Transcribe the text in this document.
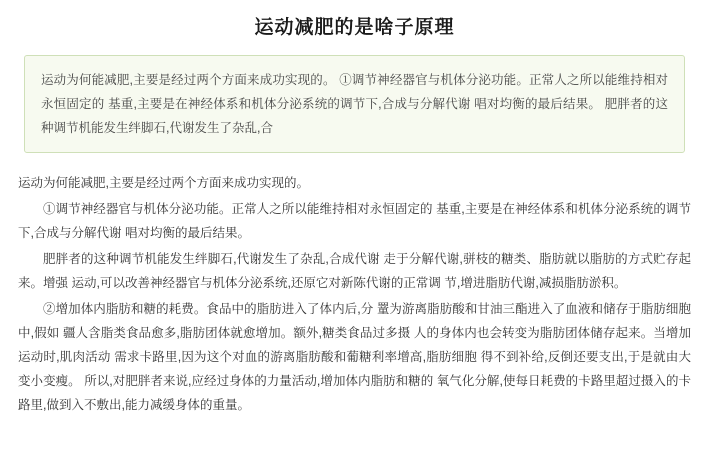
运动减肥的是啥子原理

运动为何能减肥,主要是经过两个方面来成功实现的。 ①调节神经器官与机体分泌功能。正常人之所以能维持相对永恒固定的 基重,主要是在神经体系和机体分泌系统的调节下,合成与分解代谢 唱对均衡的最后结果。 肥胖者的这种调节机能发生绊脚石,代谢发生了杂乱,合

运动为何能减肥,主要是经过两个方面来成功实现的。

①调节神经器官与机体分泌功能。正常人之所以能维持相对永恒固定的 基重,主要是在神经体系和机体分泌系统的调节下,合成与分解代谢 唱对均衡的最后结果。

肥胖者的这种调节机能发生绊脚石,代谢发生了杂乱,合成代谢 走于分解代谢,骈枝的糖类、脂肪就以脂肪的方式贮存起来。增强 运动,可以改善神经器官与机体分泌系统,还原它对新陈代谢的正常调 节,增进脂肪代谢,减损脂肪淤积。

②增加体内脂肪和糖的耗费。食品中的脂肪进入了体内后,分 罿为游离脂肪酸和甘油三酯进入了血液和储存于脂肪细胞中,假如 疆人含脂类食品愈多,脂肪团体就愈增加。额外,糖类食品过多摄 人的身体内也会转变为脂肪团体储存起来。当增加运动时,肌肉活动 需求卡路里,因为这个对血的游离脂肪酸和葡糖利率增高,脂肪细胞 得不到补给,反倒还要支出,于是就由大变小变瘦。 所以,对肥胖者来说,应经过身体的力量活动,增加体内脂肪和糖的 氧气化分解,使每日耗费的卡路里超过摄入的卡路里,做到入不敷出,能力减缓身体的重量。
